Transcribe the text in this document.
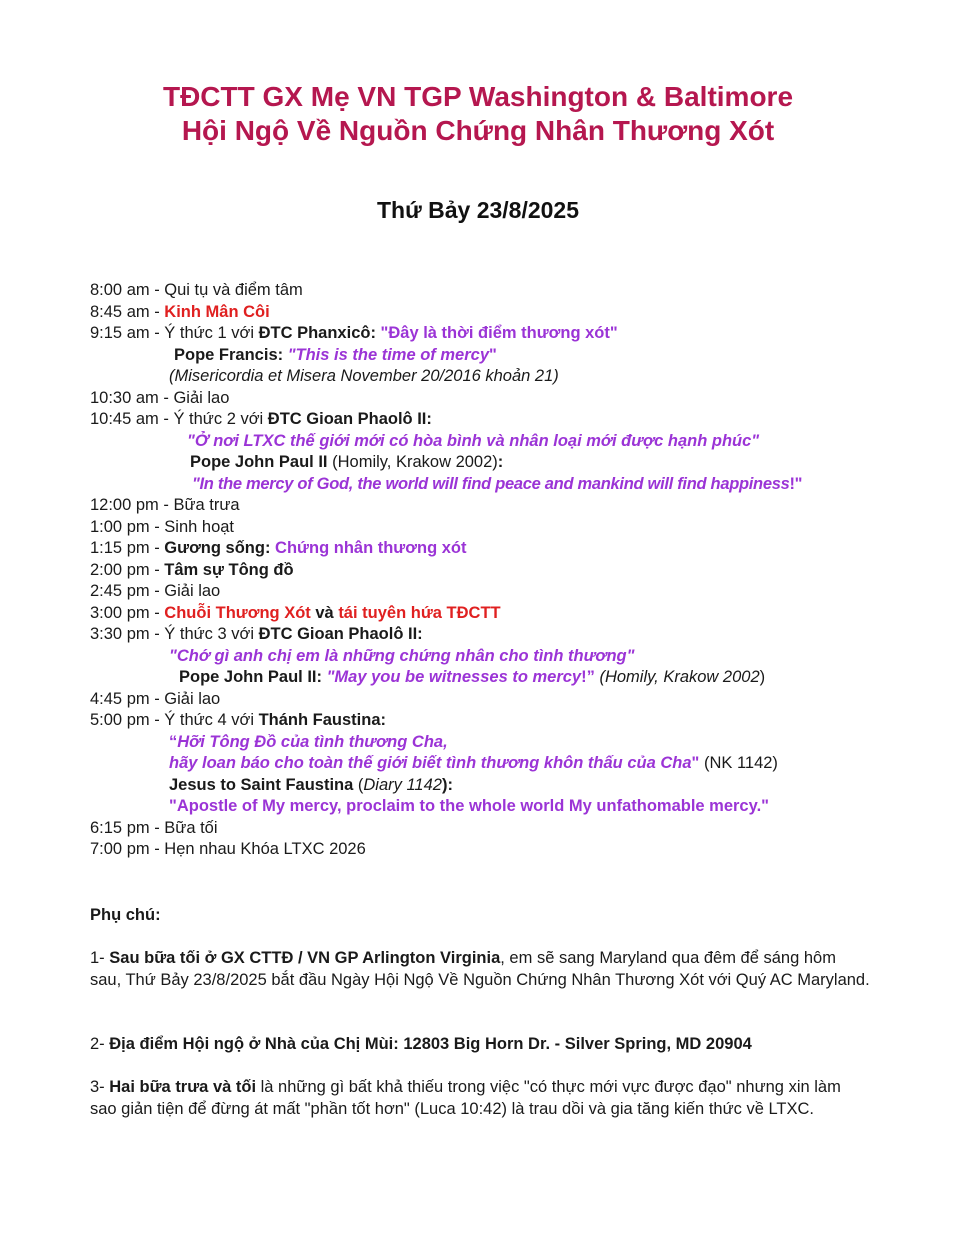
TĐCTT GX Mẹ VN TGP Washington & Baltimore
Hội Ngộ Về Nguồn Chứng Nhân Thương Xót
Thứ Bảy 23/8/2025
8:00 am - Qui tụ và điểm tâm
8:45 am - Kinh Mân Côi
9:15 am - Ý thức 1 với ĐTC Phanxicô: "Đây là thời điểm thương xót"
Pope Francis: "This is the time of mercy"
(Misericordia et Misera November 20/2016 khoản 21)
10:30 am - Giải lao
10:45 am - Ý thức 2 với ĐTC Gioan Phaolô II:
"Ở nơi LTXC thế giới mới có hòa bình và nhân loại mới được hạnh phúc"
Pope John Paul II (Homily, Krakow 2002):
"In the mercy of God, the world will find peace and mankind will find happiness!"
12:00 pm - Bữa trưa
1:00 pm - Sinh hoạt
1:15 pm - Gương sống: Chứng nhân thương xót
2:00 pm - Tâm sự Tông đồ
2:45 pm - Giải lao
3:00 pm - Chuỗi Thương Xót và tái tuyên hứa TĐCTT
3:30 pm - Ý thức 3 với ĐTC Gioan Phaolô II:
"Chớ gì anh chị em là những chứng nhân cho tình thương"
Pope John Paul II: "May you be witnesses to mercy!” (Homily, Krakow 2002)
4:45 pm - Giải lao
5:00 pm - Ý thức 4 với Thánh Faustina:
“Hỡi Tông Đồ của tình thương Cha,
hãy loan báo cho toàn thế giới biết tình thương khôn thấu của Cha" (NK 1142)
Jesus to Saint Faustina (Diary 1142):
"Apostle of My mercy, proclaim to the whole world My unfathomable mercy."
6:15 pm - Bữa tối
7:00 pm - Hẹn nhau Khóa LTXC 2026
Phụ chú:

1- Sau bữa tối ở GX CTTĐ / VN GP Arlington Virginia, em sẽ sang Maryland qua đêm để sáng hôm sau, Thứ Bảy 23/8/2025 bắt đầu Ngày Hội Ngộ Về Nguồn Chứng Nhân Thương Xót với Quý AC Maryland.

2- Địa điểm Hội ngộ ở Nhà của Chị Mùi: 12803 Big Horn Dr. - Silver Spring, MD 20904

3- Hai bữa trưa và tối là những gì bất khả thiếu trong việc "có thực mới vực được đạo" nhưng xin làm sao giản tiện để đừng át mất "phần tốt hơn" (Luca 10:42) là trau dồi và gia tăng kiến thức về LTXC.
